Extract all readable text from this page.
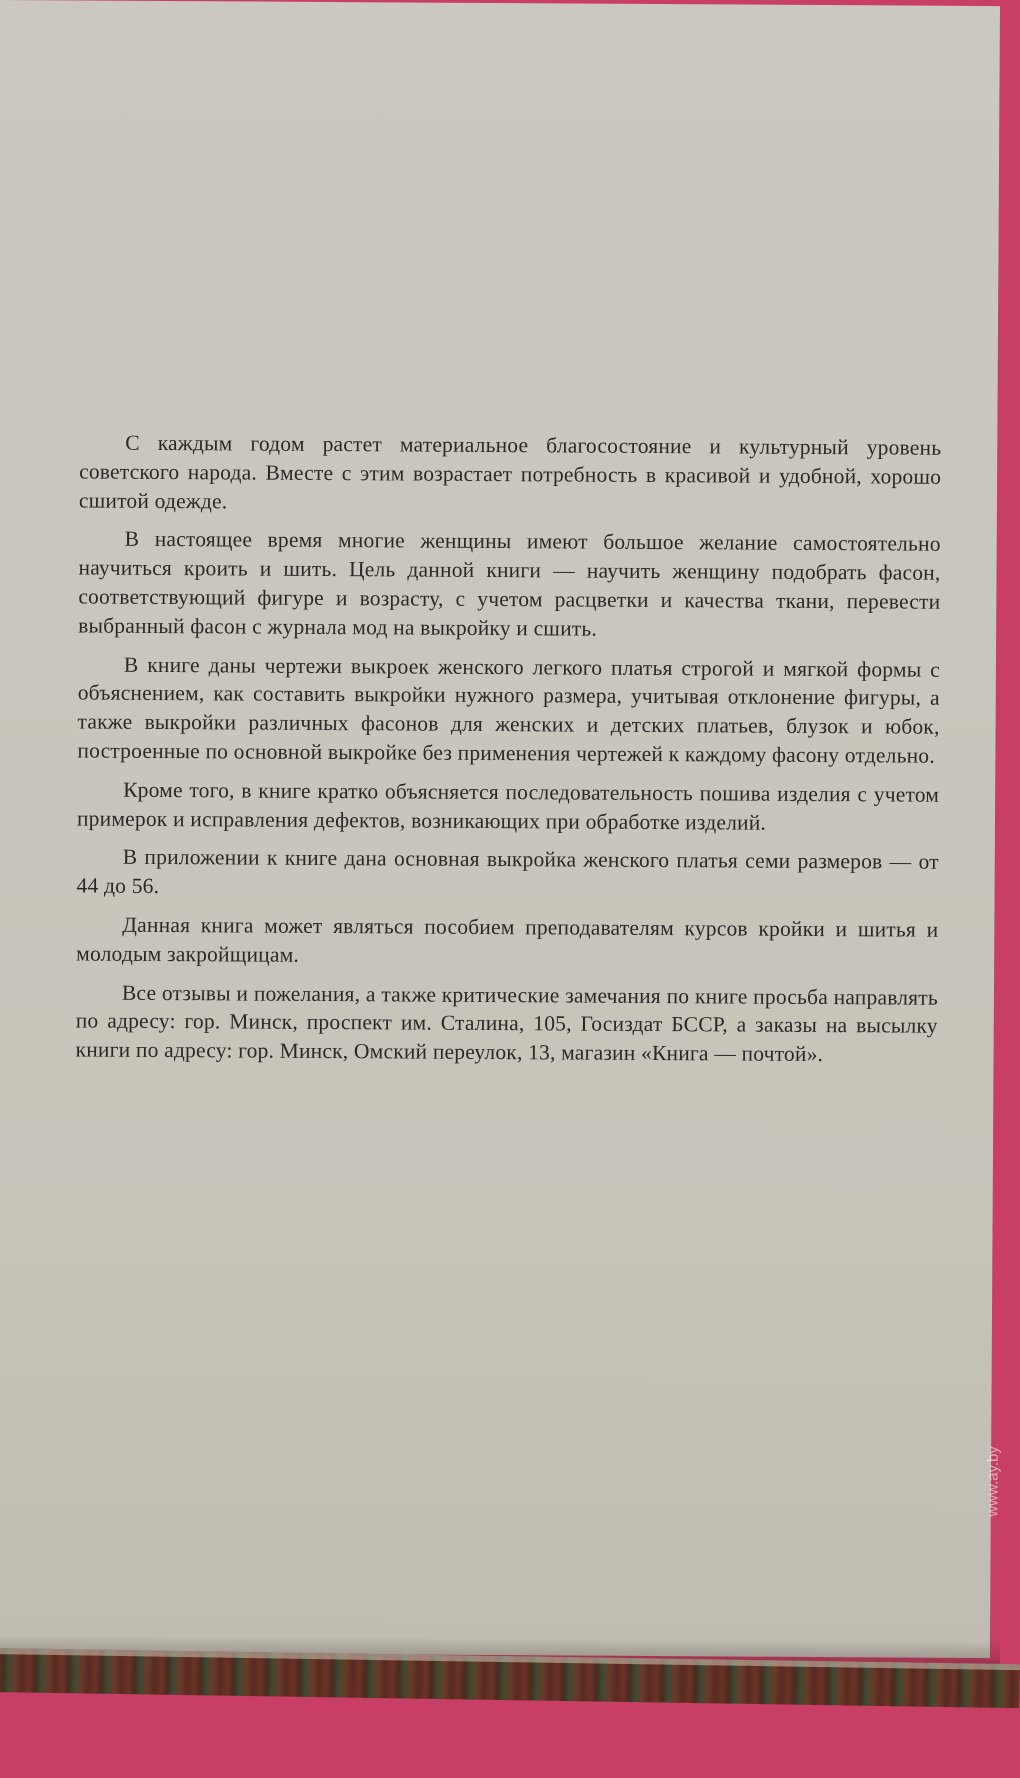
С каждым годом растет материальное благосостояние и культурный уровень советского народа. Вместе с этим возрастает потребность в красивой и удобной, хорошо сшитой одежде.

В настоящее время многие женщины имеют большое желание самостоятельно научиться кроить и шить. Цель данной книги — научить женщину подобрать фасон, соответствующий фигуре и возрасту, с учетом расцветки и качества ткани, перевести выбранный фасон с журнала мод на выкройку и сшить.

В книге даны чертежи выкроек женского легкого платья строгой и мягкой формы с объяснением, как составить выкройки нужного размера, учитывая отклонение фигуры, а также выкройки различных фасонов для женских и детских платьев, блузок и юбок, построенные по основной выкройке без применения чертежей к каждому фасону отдельно.

Кроме того, в книге кратко объясняется последовательность пошива изделия с учетом примерок и исправления дефектов, возникающих при обработке изделий.

В приложении к книге дана основная выкройка женского платья семи размеров — от 44 до 56.

Данная книга может являться пособием преподавателям курсов кройки и шитья и молодым закройщицам.

Все отзывы и пожелания, а также критические замечания по книге просьба направлять по адресу: гор. Минск, проспект им. Сталина, 105, Госиздат БССР, а заказы на высылку книги по адресу: гор. Минск, Омский переулок, 13, магазин «Книга — почтой».

www.ay.by
